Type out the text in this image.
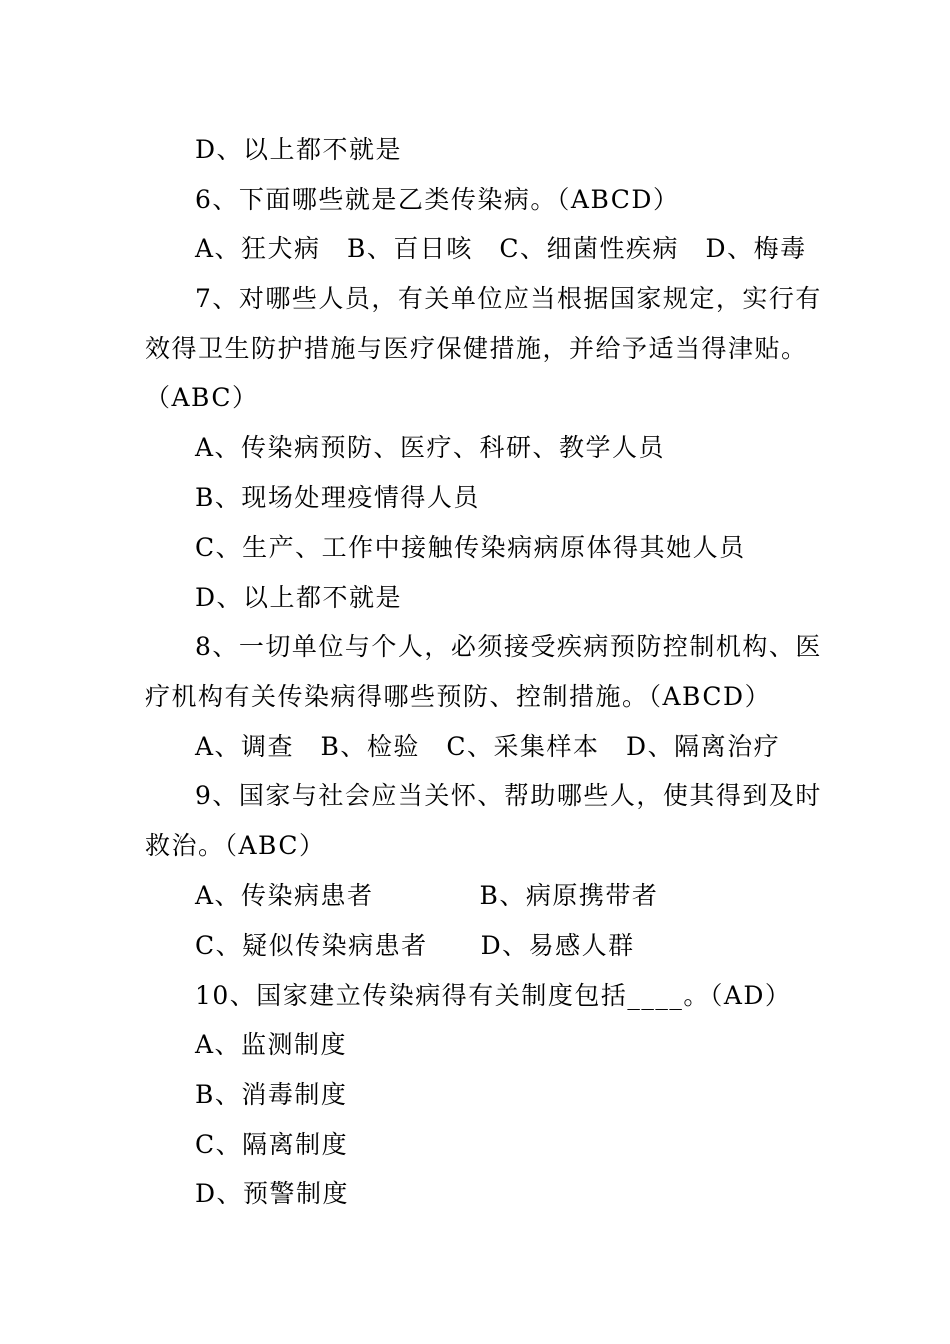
D、以上都不就是
6、下面哪些就是乙类传染病。（ABCD）
A、狂犬病　B、百日咳　C、细菌性疾病　D、梅毒
7、对哪些人员，有关单位应当根据国家规定，实行有
效得卫生防护措施与医疗保健措施，并给予适当得津贴。
（ABC）
A、传染病预防、医疗、科研、教学人员
B、现场处理疫情得人员
C、生产、工作中接触传染病病原体得其她人员
D、以上都不就是
8、一切单位与个人，必须接受疾病预防控制机构、医
疗机构有关传染病得哪些预防、控制措施。（ABCD）
A、调查　B、检验　C、采集样本　D、隔离治疗
9、国家与社会应当关怀、帮助哪些人，使其得到及时
救治。（ABC）
A、传染病患者　　　　B、病原携带者
C、疑似传染病患者　　D、易感人群
10、国家建立传染病得有关制度包括____。（AD）
A、监测制度
B、消毒制度
C、隔离制度
D、预警制度
